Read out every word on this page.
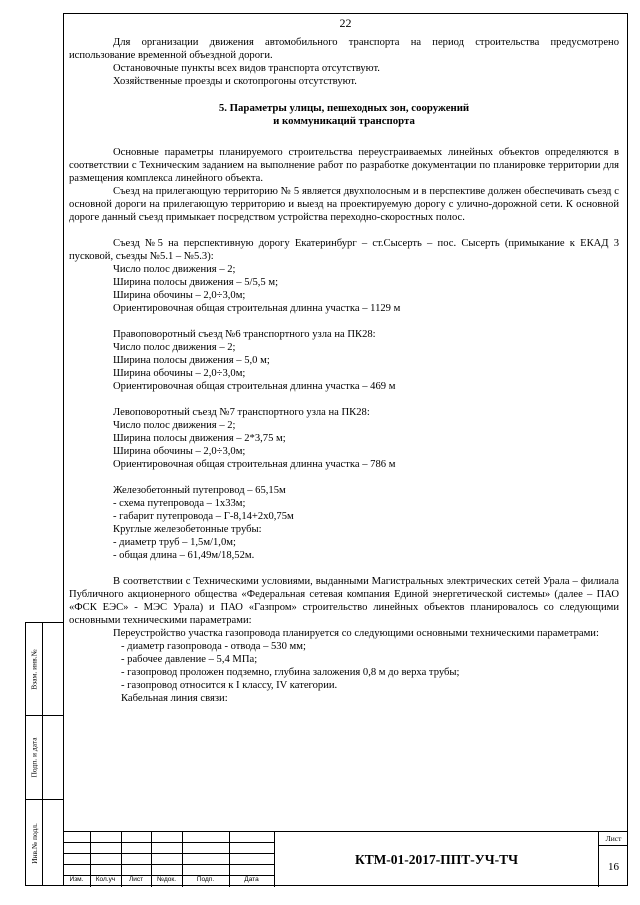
22

Для организации движения автомобильного транспорта на период строительства предусмотрено использование временной объездной дороги.

Остановочные пункты всех видов транспорта отсутствуют.

Хозяйственные проезды и скотопрогоны отсутствуют.

5. Параметры улицы, пешеходных зон, сооружений
и коммуникаций транспорта

Основные параметры планируемого строительства переустраиваемых линейных объектов определяются в соответствии с Техническим заданием на выполнение работ по разработке документации по планировке территории для размещения комплекса линейного объекта.

Съезд на прилегающую территорию № 5 является двухполосным и в перспективе должен обеспечивать съезд с основной дороги на прилегающую территорию и выезд на проектируемую дорогу с улично-дорожной сети. К основной дороге данный съезд примыкает посредством устройства переходно-скоростных полос.

Съезд №5 на перспективную дорогу Екатеринбург – ст.Сысерть – пос. Сысерть (примыкание к ЕКАД 3 пусковой, съезды №5.1 – №5.3):

Число полос движения – 2;

Ширина полосы движения – 5/5,5 м;

Ширина обочины – 2,0÷3,0м;

Ориентировочная общая строительная длинна участка – 1129 м

Правоповоротный съезд №6 транспортного узла на ПК28:

Число полос движения – 2;

Ширина полосы движения – 5,0 м;

Ширина обочины – 2,0÷3,0м;

Ориентировочная общая строительная длинна участка – 469 м

Левоповоротный съезд №7 транспортного узла на ПК28:

Число полос движения – 2;

Ширина полосы движения – 2*3,75 м;

Ширина обочины – 2,0÷3,0м;

Ориентировочная общая строительная длинна участка – 786 м

Железобетонный путепровод – 65,15м

- схема путепровода – 1х33м;

- габарит путепровода – Г-8,14+2х0,75м

Круглые железобетонные трубы:

- диаметр труб – 1,5м/1,0м;

- общая длина – 61,49м/18,52м.

В соответствии с Техническими условиями, выданными Магистральных электрических сетей Урала – филиала Публичного акционерного общества «Федеральная сетевая компания Единой энергетической системы» (далее – ПАО «ФСК ЕЭС» - МЭС Урала) и ПАО «Газпром» строительство линейных объектов планировалось со следующими основными техническими параметрами:

Переустройство участка газопровода планируется со следующими основными техническими параметрами:

- диаметр газопровода - отвода – 530 мм;

- рабочее давление – 5,4 МПа;

- газопровод проложен подземно, глубина заложения 0,8 м до верха трубы;

- газопровод относится к I классу, IV категории.

Кабельная линия связи:

Взам. инв.№
Подп. и дата
Инв.№ подл.
Изм.	Кол.уч	Лист	№док.	Подп.	Дата
КТМ-01-2017-ППТ-УЧ-ТЧ
Лист
16
